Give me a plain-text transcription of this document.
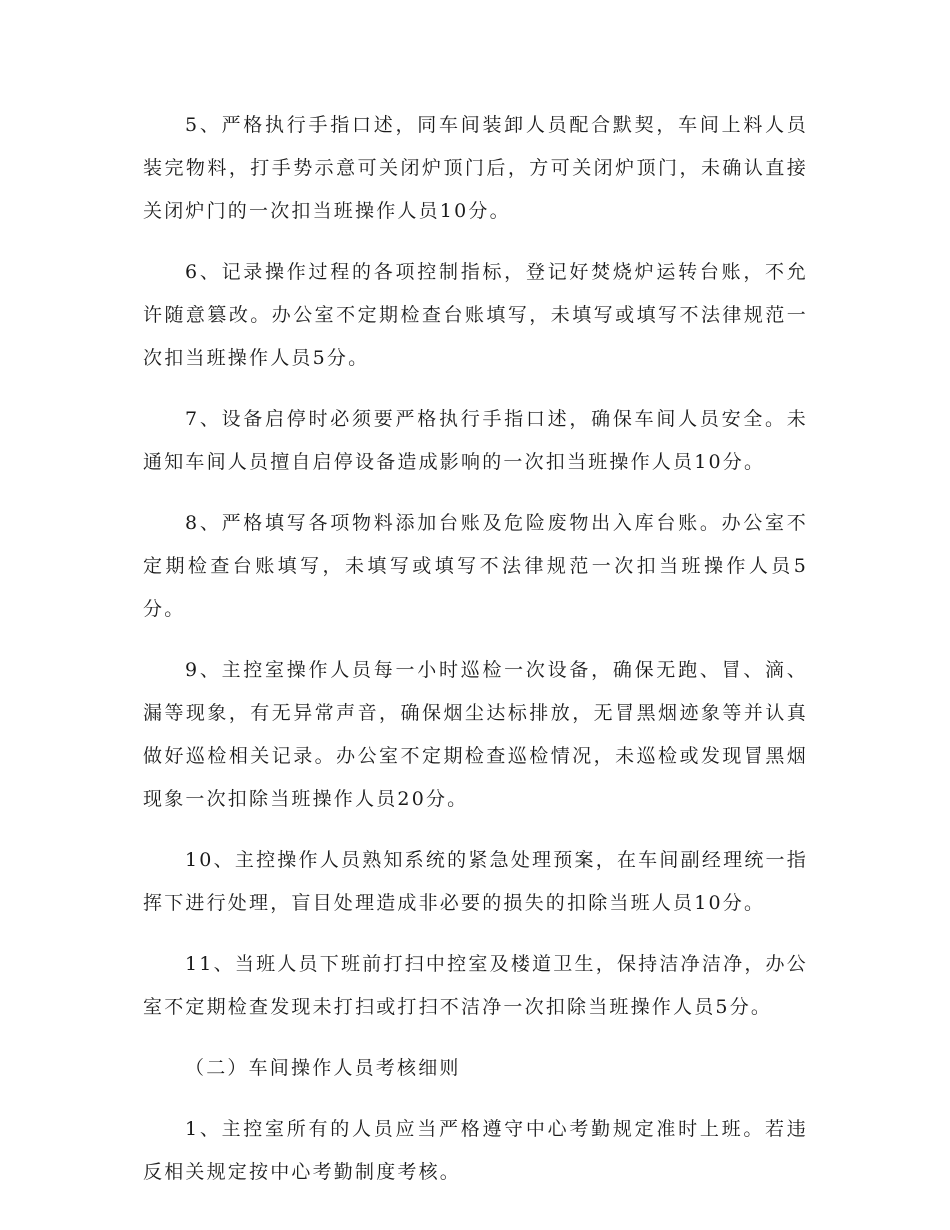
5、严格执行手指口述，同车间装卸人员配合默契，车间上料人员装完物料，打手势示意可关闭炉顶门后，方可关闭炉顶门，未确认直接关闭炉门的一次扣当班操作人员10分。

6、记录操作过程的各项控制指标，登记好焚烧炉运转台账，不允许随意篡改。办公室不定期检查台账填写，未填写或填写不法律规范一次扣当班操作人员5分。

7、设备启停时必须要严格执行手指口述，确保车间人员安全。未通知车间人员擅自启停设备造成影响的一次扣当班操作人员10分。

8、严格填写各项物料添加台账及危险废物出入库台账。办公室不定期检查台账填写，未填写或填写不法律规范一次扣当班操作人员5分。

9、主控室操作人员每一小时巡检一次设备，确保无跑、冒、滴、漏等现象，有无异常声音，确保烟尘达标排放，无冒黑烟迹象等并认真做好巡检相关记录。办公室不定期检查巡检情况，未巡检或发现冒黑烟现象一次扣除当班操作人员20分。

10、主控操作人员熟知系统的紧急处理预案，在车间副经理统一指挥下进行处理，盲目处理造成非必要的损失的扣除当班人员10分。

11、当班人员下班前打扫中控室及楼道卫生，保持洁净洁净，办公室不定期检查发现未打扫或打扫不洁净一次扣除当班操作人员5分。

（二）车间操作人员考核细则

1、主控室所有的人员应当严格遵守中心考勤规定准时上班。若违反相关规定按中心考勤制度考核。
